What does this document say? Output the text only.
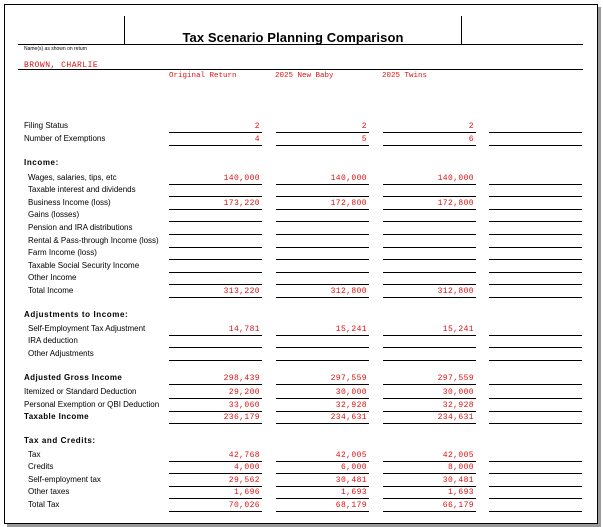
Tax Scenario Planning Comparison
Name(s) as shown on return
BROWN, CHARLIE
Original Return	2025 New Baby	2025 Twins
Filing Status	2	2	2
Number of Exemptions	4	5	6
Income:
Wages, salaries, tips, etc	140,000	140,000	140,000
Taxable interest and dividends
Business Income (loss)	173,220	172,800	172,800
Gains (losses)
Pension and IRA distributions
Rental & Pass-through Income (loss)
Farm Income (loss)
Taxable Social Security Income
Other Income
Total Income	313,220	312,800	312,800
Adjustments to Income:
Self-Employment Tax Adjustment	14,781	15,241	15,241
IRA deduction
Other Adjustments
Adjusted Gross Income	298,439	297,559	297,559
Itemized or Standard Deduction	29,200	30,000	30,000
Personal Exemption or QBI Deduction	33,060	32,928	32,928
Taxable Income	236,179	234,631	234,631
Tax and Credits:
Tax	42,768	42,005	42,005
Credits	4,000	6,000	8,000
Self-employment tax	29,562	30,481	30,481
Other taxes	1,696	1,693	1,693
Total Tax	70,026	68,179	66,179
